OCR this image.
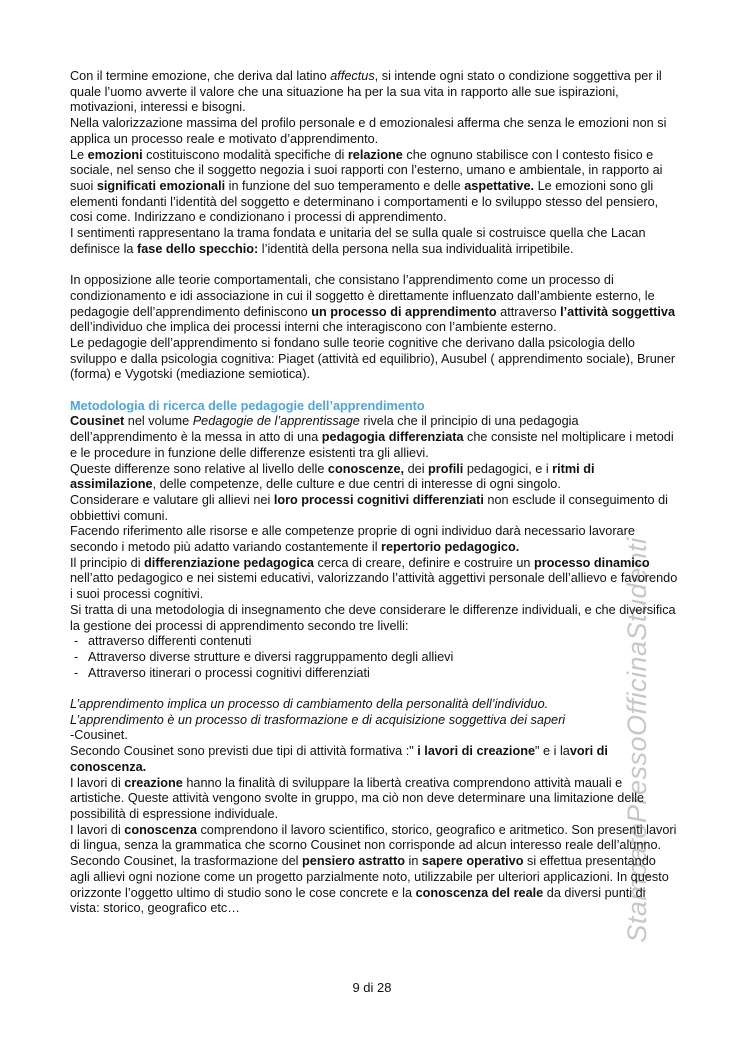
StampatoPressoOfficinaStudenti
Con il termine emozione, che deriva dal latino affectus, si intende ogni stato o condizione soggettiva per il quale l’uomo avverte il valore che una situazione ha per la sua vita in rapporto alle sue ispirazioni, motivazioni, interessi e bisogni.
Nella valorizzazione massima del profilo personale e d emozionalesi afferma che senza le emozioni non si applica un processo reale e motivato d’apprendimento.
Le emozioni costituiscono modalità specifiche di relazione che ognuno stabilisce con l contesto fisico e sociale, nel senso che il soggetto negozia i suoi rapporti con l’esterno, umano e ambientale, in rapporto ai suoi significati emozionali in funzione del suo temperamento e delle aspettative. Le emozioni sono gli elementi fondanti l’identità del soggetto e determinano i comportamenti e lo sviluppo stesso del pensiero, cosi come. Indirizzano e condizionano i processi di apprendimento.
I sentimenti rappresentano la trama fondata e unitaria del se sulla quale si costruisce quella che Lacan definisce la fase dello specchio: l’identità della persona nella sua individualità irripetibile.
In opposizione alle teorie comportamentali, che consistano l’apprendimento come un processo di condizionamento e idi associazione in cui il soggetto è direttamente influenzato dall’ambiente esterno, le pedagogie dell’apprendimento definiscono un processo di apprendimento attraverso l’attività soggettiva dell’individuo che implica dei processi interni che interagiscono con l’ambiente esterno.
Le pedagogie dell’apprendimento si fondano sulle teorie cognitive che derivano dalla psicologia dello sviluppo e dalla psicologia cognitiva: Piaget (attività ed equilibrio), Ausubel ( apprendimento sociale), Bruner (forma) e Vygotski (mediazione semiotica).
Metodologia di ricerca delle pedagogie dell’apprendimento
Cousinet nel volume Pedagogie de l’apprentissage rivela che il principio di una pedagogia dell’apprendimento è la messa in atto di una pedagogia differenziata che consiste nel moltiplicare i metodi e le procedure in funzione delle differenze esistenti tra gli allievi.
Queste differenze sono relative al livello delle conoscenze, dei profili pedagogici, e i ritmi di assimilazione, delle competenze, delle culture e due centri di interesse di ogni singolo.
Considerare e valutare gli allievi nei loro processi cognitivi differenziati non esclude il conseguimento di obbiettivi comuni.
Facendo riferimento alle risorse e alle competenze proprie di ogni individuo darà necessario lavorare secondo i metodo più adatto variando costantemente il repertorio pedagogico.
Il principio di differenziazione pedagogica cerca di creare, definire e costruire un processo dinamico nell’atto pedagogico e nei sistemi educativi, valorizzando l’attività aggettivi personale dell’allievo e favorendo i suoi processi cognitivi.
Si tratta di una metodologia di insegnamento che deve considerare le differenze individuali, e che diversifica la gestione dei processi di apprendimento secondo tre livelli:
- attraverso differenti contenuti
- Attraverso diverse strutture e diversi raggruppamento degli allievi
- Attraverso itinerari o processi cognitivi differenziati
L’apprendimento implica un processo di cambiamento della personalità dell’individuo.
L’apprendimento è un processo di trasformazione e di acquisizione soggettiva dei saperi
-Cousinet.
Secondo Cousinet sono previsti due tipi di attività formativa :" i lavori di creazione" e i lavori di conoscenza.
I lavori di creazione hanno la finalità di sviluppare la libertà creativa comprendono attività mauali e artistiche. Queste attività vengono svolte in gruppo, ma ciò non deve determinare una limitazione delle possibilità di espressione individuale.
I lavori di conoscenza comprendono il lavoro scientifico, storico, geografico e aritmetico. Son presenti lavori di lingua, senza la grammatica che scorno Cousinet non corrisponde ad alcun interesso reale dell’alunno.
Secondo Cousinet, la trasformazione del pensiero astratto in sapere operativo si effettua presentando agli allievi ogni nozione come un progetto parzialmente noto, utilizzabile per ulteriori applicazioni. In questo orizzonte l’oggetto ultimo di studio sono le cose concrete e la conoscenza del reale da diversi punti di vista: storico, geografico etc…
9 di 28
